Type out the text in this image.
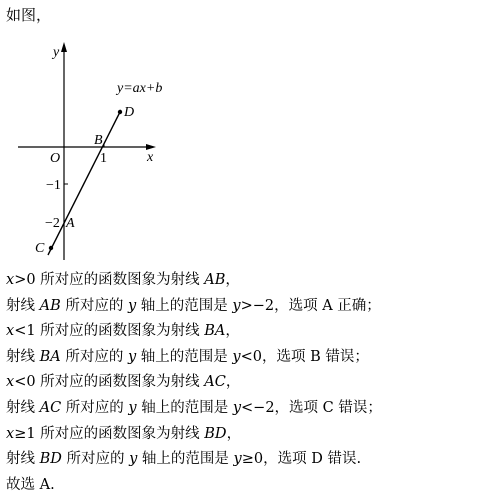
如图，
y
x
O
y=ax+b
D
B
1
−1
−2 A
C
x>0 所对应的函数图象为射线 AB，
射线 AB 所对应的 y 轴上的范围是 y>−2，选项 A 正确；
x<1 所对应的函数图象为射线 BA，
射线 BA 所对应的 y 轴上的范围是 y<0，选项 B 错误；
x<0 所对应的函数图象为射线 AC，
射线 AC 所对应的 y 轴上的范围是 y<−2，选项 C 错误；
x≥1 所对应的函数图象为射线 BD，
射线 BD 所对应的 y 轴上的范围是 y≥0，选项 D 错误.
故选 A.
